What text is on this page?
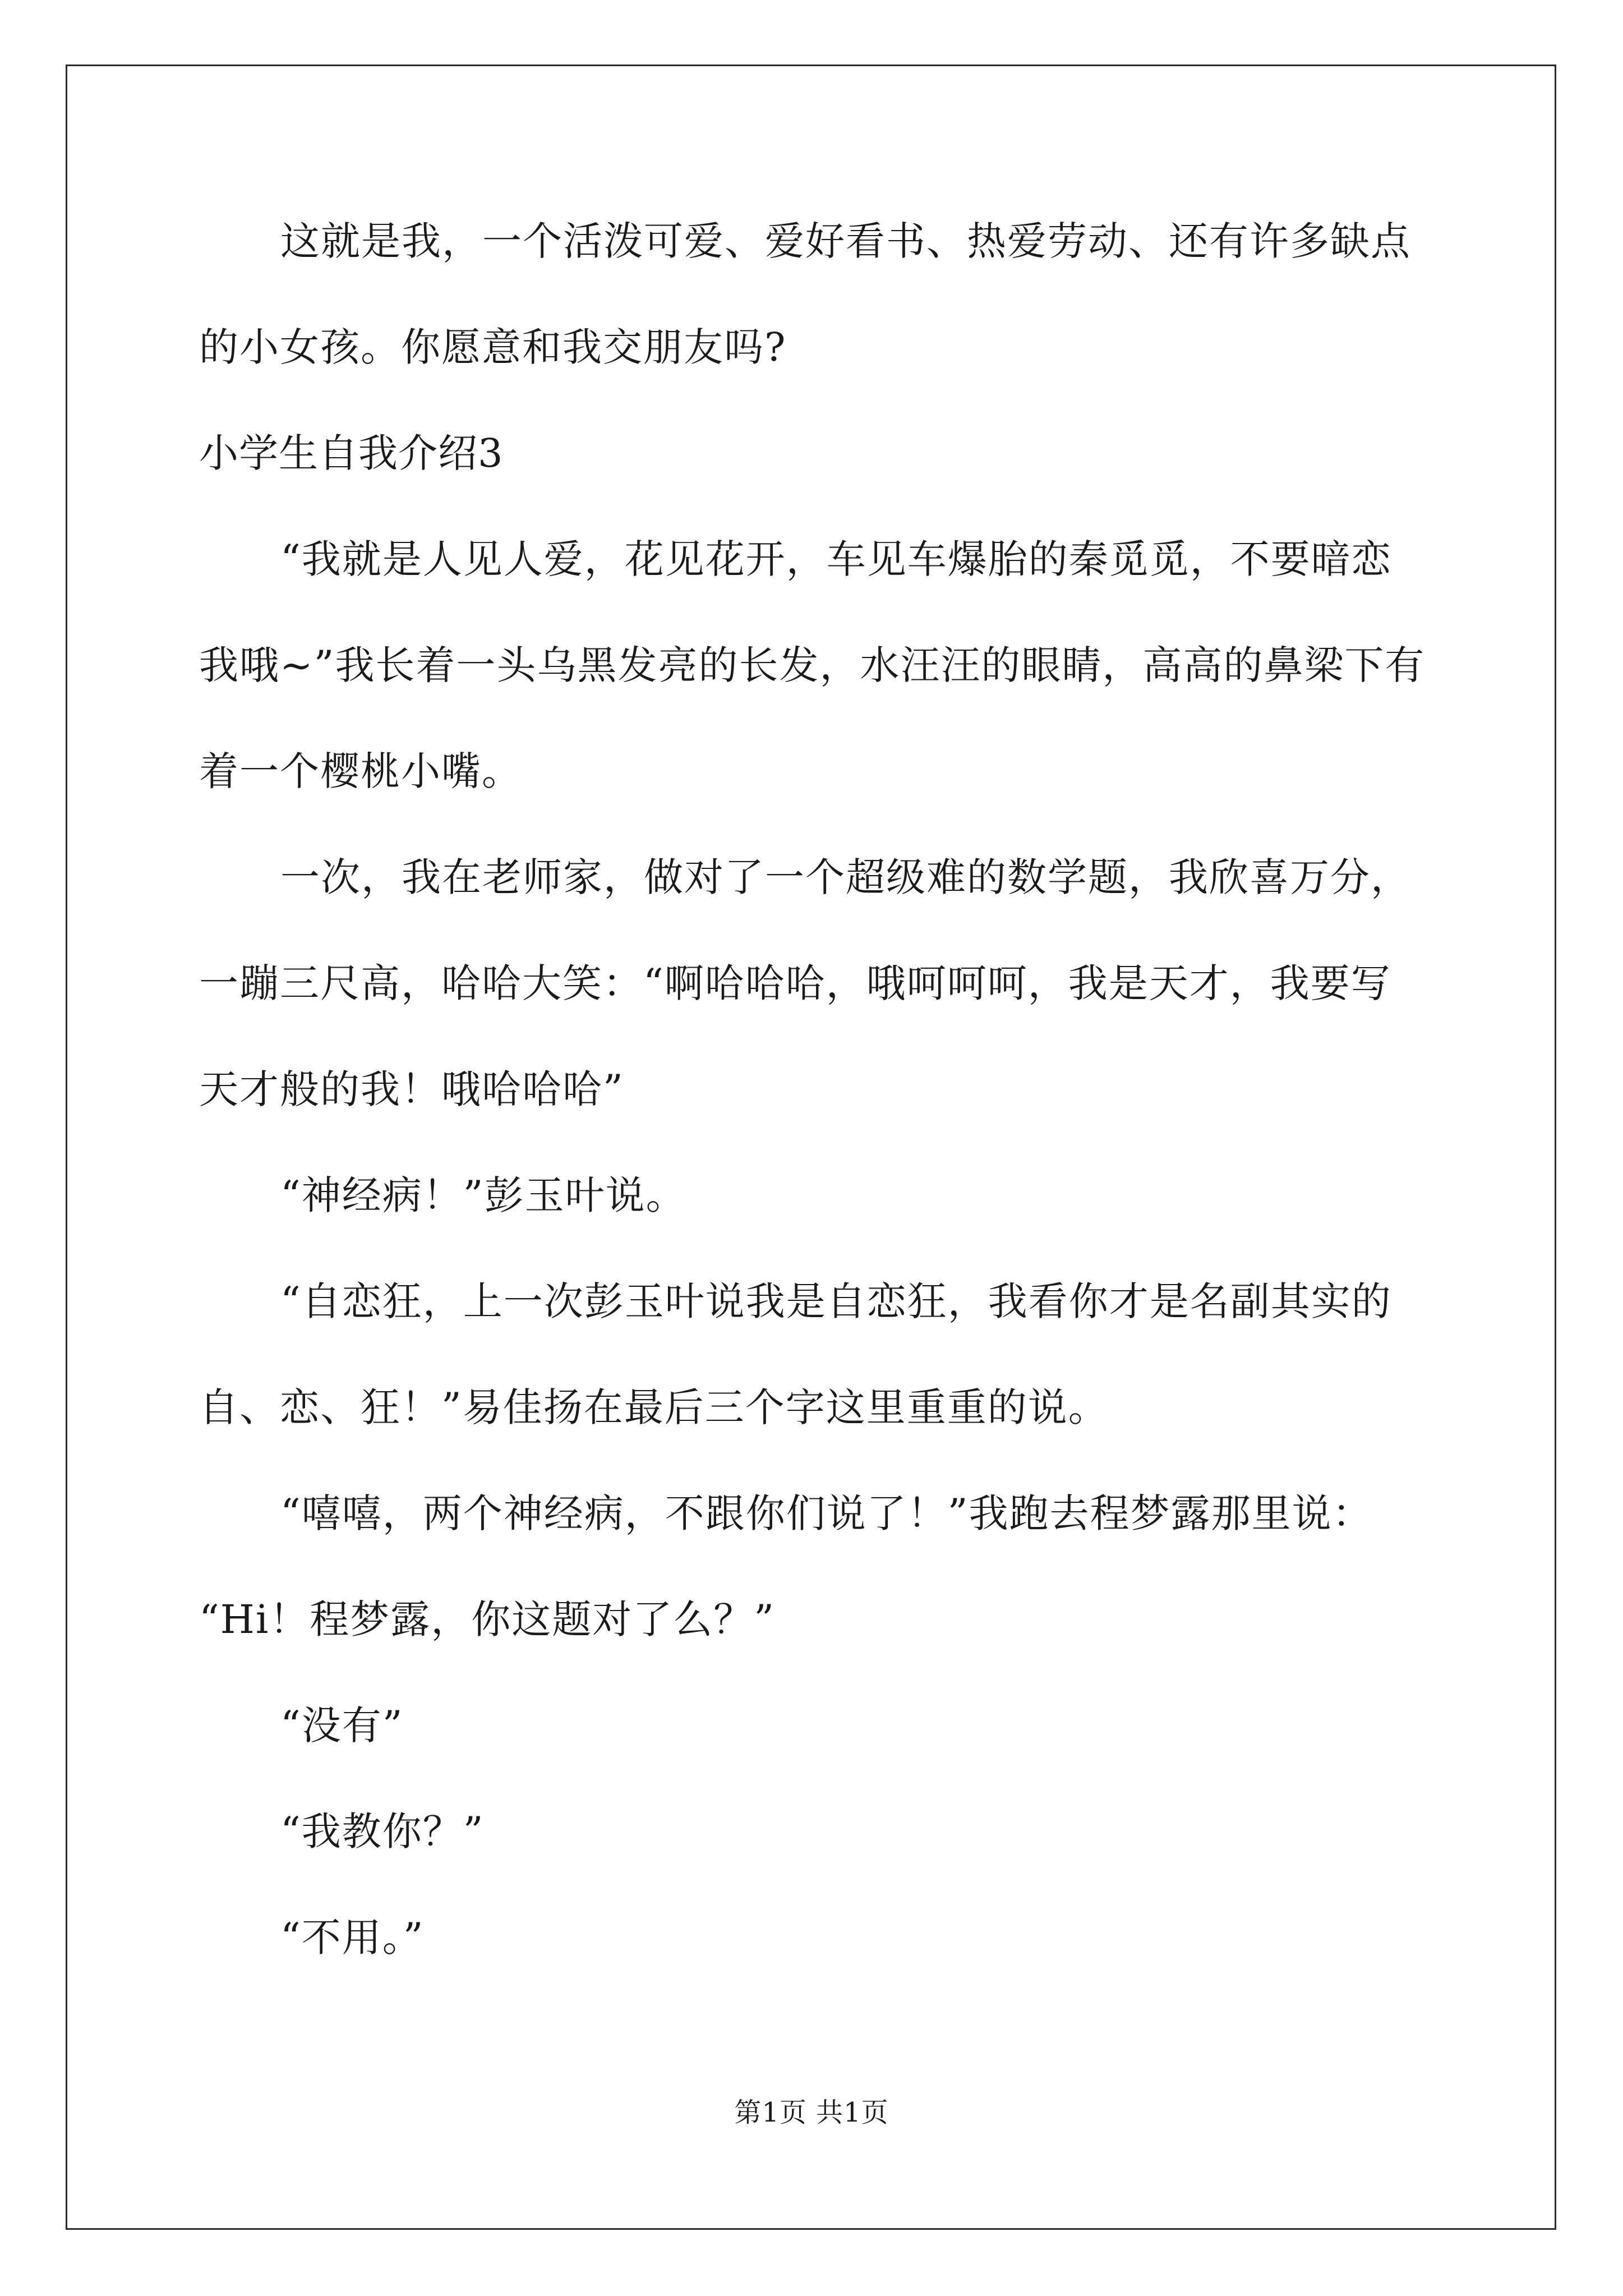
这就是我，一个活泼可爱、爱好看书、热爱劳动、还有许多缺点
的小女孩。你愿意和我交朋友吗?
小学生自我介绍3
“我就是人见人爱，花见花开，车见车爆胎的秦觅觅，不要暗恋
我哦~”我长着一头乌黑发亮的长发，水汪汪的眼睛，高高的鼻梁下有
着一个樱桃小嘴。
一次，我在老师家，做对了一个超级难的数学题，我欣喜万分，
一蹦三尺高，哈哈大笑：“啊哈哈哈，哦呵呵呵，我是天才，我要写
天才般的我！哦哈哈哈”
“神经病！”彭玉叶说。
“自恋狂，上一次彭玉叶说我是自恋狂，我看你才是名副其实的
自、恋、狂！”易佳扬在最后三个字这里重重的说。
“嘻嘻，两个神经病，不跟你们说了！”我跑去程梦露那里说：
“Hi！程梦露，你这题对了么？”
“没有”
“我教你？”
“不用。”
第1页 共1页
